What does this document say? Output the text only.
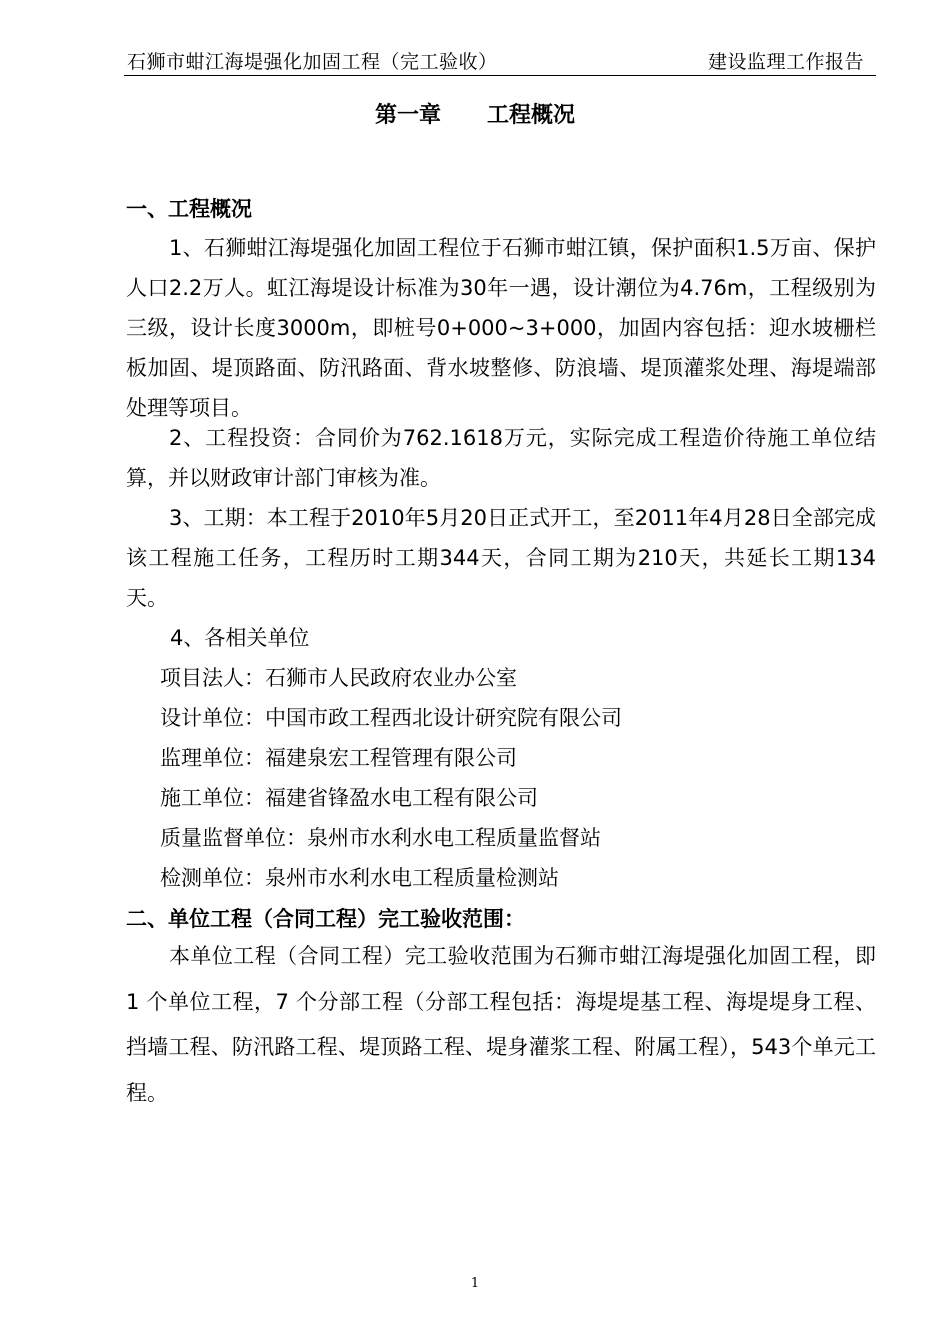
石狮市蚶江海堤强化加固工程（完工验收）	建设监理工作报告
第一章      工程概况
一、工程概况

1、石狮蚶江海堤强化加固工程位于石狮市蚶江镇，保护面积1.5万亩、保护人口2.2万人。虹江海堤设计标准为30年一遇，设计潮位为4.76m，工程级别为三级，设计长度3000m，即桩号0+000~3+000，加固内容包括：迎水坡栅栏板加固、堤顶路面、防汛路面、背水坡整修、防浪墙、堤顶灌浆处理、海堤端部处理等项目。

2、工程投资：合同价为762.1618万元，实际完成工程造价待施工单位结算，并以财政审计部门审核为准。

3、工期：本工程于2010年5月20日正式开工，至2011年4月28日全部完成该工程施工任务，工程历时工期344天，合同工期为210天，共延长工期134天。

4、各相关单位
项目法人：石狮市人民政府农业办公室
设计单位：中国市政工程西北设计研究院有限公司
监理单位：福建泉宏工程管理有限公司
施工单位：福建省锋盈水电工程有限公司
质量监督单位：泉州市水利水电工程质量监督站
检测单位：泉州市水利水电工程质量检测站
二、单位工程（合同工程）完工验收范围：

本单位工程（合同工程）完工验收范围为石狮市蚶江海堤强化加固工程，即 1 个单位工程，7 个分部工程（分部工程包括：海堤堤基工程、海堤堤身工程、挡墙工程、防汛路工程、堤顶路工程、堤身灌浆工程、附属工程），543个单元工程。

1
